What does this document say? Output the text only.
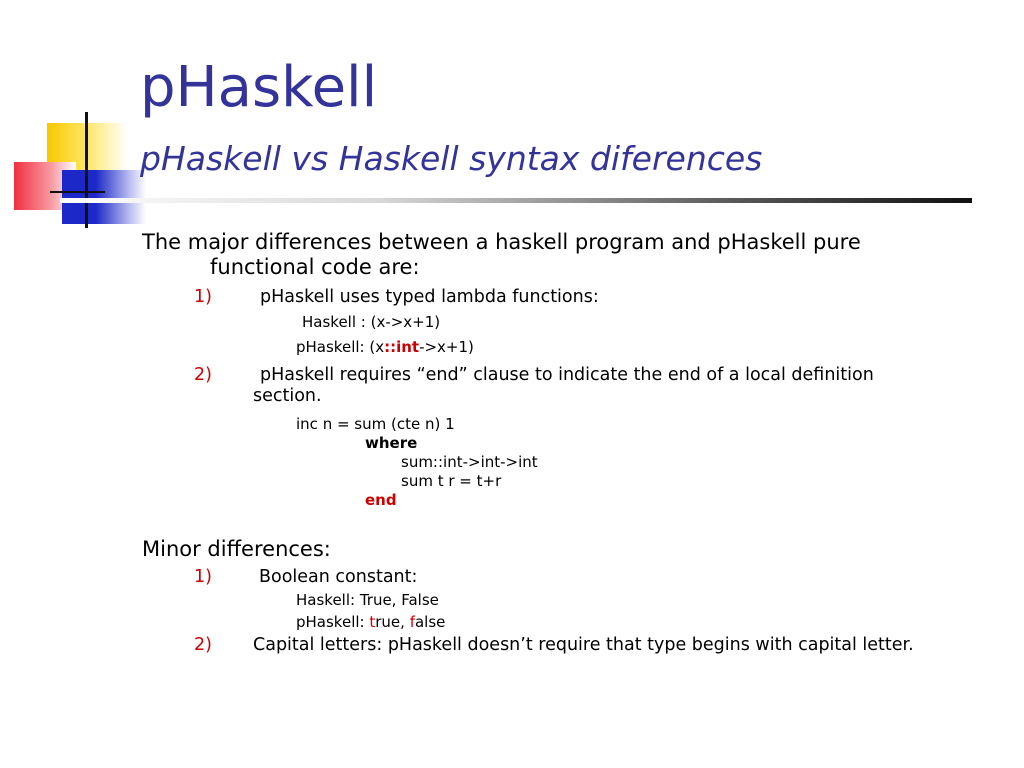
pHaskell
pHaskell vs Haskell syntax diferences
The major differences between a haskell program and pHaskell pure
functional code are:
1)	pHaskell uses typed lambda functions:
Haskell : (x->x+1)
pHaskell: (x::int->x+1)
2)	pHaskell requires “end” clause to indicate the end of a local definition
section.
inc n = sum (cte n) 1
where
sum::int->int->int
sum t r = t+r
end
Minor differences:
1)	Boolean constant:
Haskell: True, False
pHaskell: true, false
2) Capital letters: pHaskell doesn’t require that type begins with capital letter.
